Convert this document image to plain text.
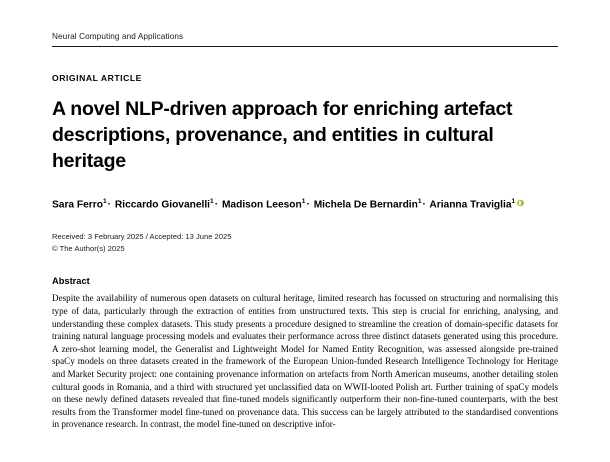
Neural Computing and Applications
ORIGINAL ARTICLE
A novel NLP-driven approach for enriching artefact descriptions, provenance, and entities in cultural heritage
Sara Ferro$^1$· Riccardo Giovanelli$^1$· Madison Leeson$^1$· Michela De Bernardin$^1$· Arianna Traviglia$^1$
Received: 3 February 2025 / Accepted: 13 June 2025
© The Author(s) 2025
Abstract
Despite the availability of numerous open datasets on cultural heritage, limited research has focussed on structuring and normalising this type of data, particularly through the extraction of entities from unstructured texts. This step is crucial for enriching, analysing, and understanding these complex datasets. This study presents a procedure designed to streamline the creation of domain-specific datasets for training natural language processing models and evaluates their performance across three distinct datasets generated using this procedure. A zero-shot learning model, the Generalist and Lightweight Model for Named Entity Recognition, was assessed alongside pre-trained spaCy models on three datasets created in the framework of the European Union-funded Research Intelligence Technology for Heritage and Market Security project: one containing provenance information on artefacts from North American museums, another detailing stolen cultural goods in Romania, and a third with structured yet unclassified data on WWII-looted Polish art. Further training of spaCy models on these newly defined datasets revealed that fine-tuned models significantly outperform their non-fine-tuned counterparts, with the best results from the Transformer model fine-tuned on provenance data. This success can be largely attributed to the standardised conventions in provenance research. In contrast, the model fine-tuned on descriptive infor-
